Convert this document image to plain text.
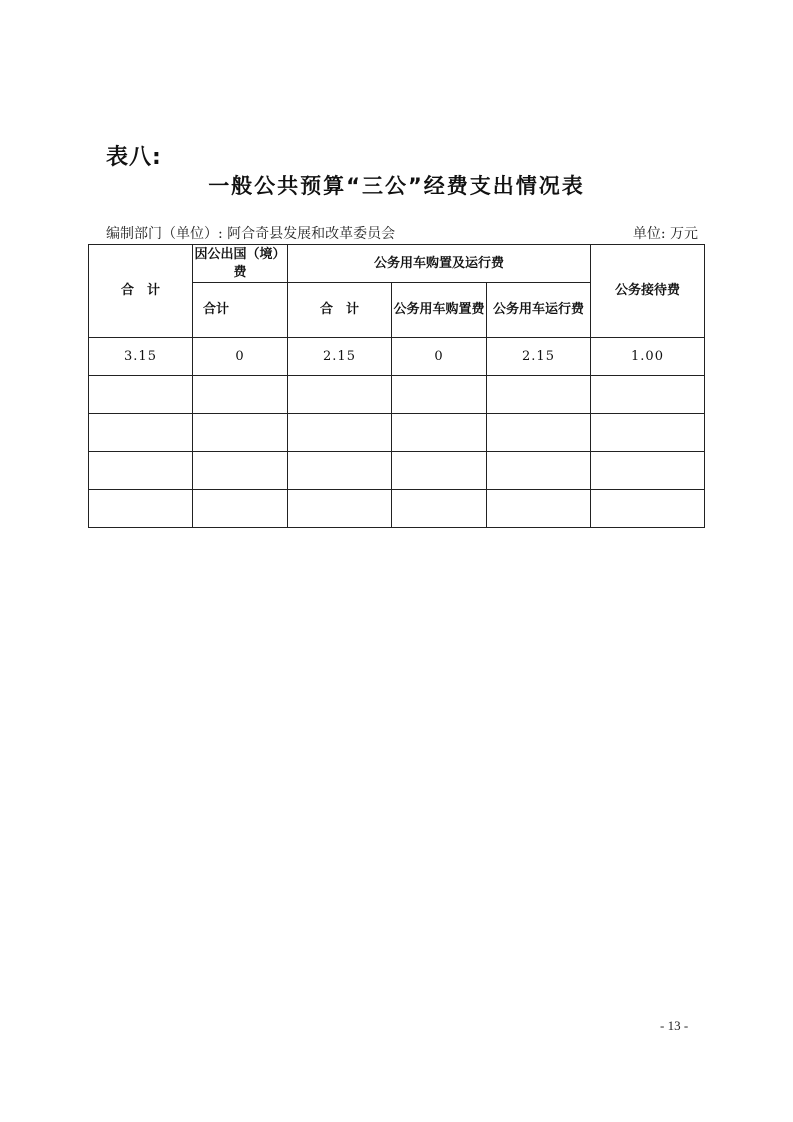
表八:
一般公共预算“三公”经费支出情况表
编制部门（单位）: 阿合奇县发展和改革委员会	单位: 万元
合　计	因公出国（境）费	公务用车购置及运行费			公务接待费
	合计	合　计	公务用车购置费	公务用车运行费	
3.15	0	2.15	0	2.15	1.00

- 13 -
